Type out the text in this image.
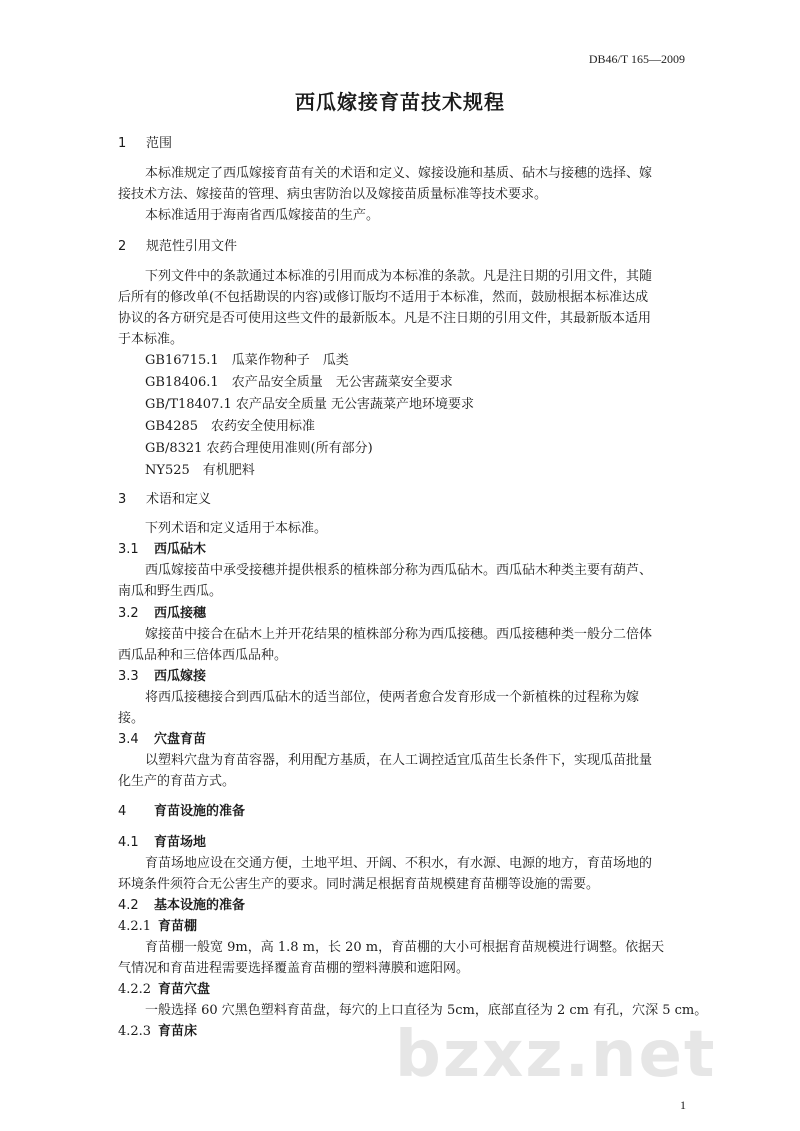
DB46/T 165—2009
西瓜嫁接育苗技术规程
1 范围
本标准规定了西瓜嫁接育苗有关的术语和定义、嫁接设施和基质、砧木与接穗的选择、嫁
接技术方法、嫁接苗的管理、病虫害防治以及嫁接苗质量标准等技术要求。
本标准适用于海南省西瓜嫁接苗的生产。
2 规范性引用文件
下列文件中的条款通过本标准的引用而成为本标准的条款。凡是注日期的引用文件，其随
后所有的修改单(不包括勘误的内容)或修订版均不适用于本标准，然而，鼓励根据本标准达成
协议的各方研究是否可使用这些文件的最新版本。凡是不注日期的引用文件，其最新版本适用
于本标准。
GB16715.1　瓜菜作物种子　瓜类
GB18406.1　农产品安全质量　无公害蔬菜安全要求
GB/T18407.1 农产品安全质量 无公害蔬菜产地环境要求
GB4285　农药安全使用标准
GB/8321 农药合理使用准则(所有部分)
NY525　有机肥料
3 术语和定义
下列术语和定义适用于本标准。
3.1 西瓜砧木
西瓜嫁接苗中承受接穗并提供根系的植株部分称为西瓜砧木。西瓜砧木种类主要有葫芦、
南瓜和野生西瓜。
3.2 西瓜接穗
嫁接苗中接合在砧木上并开花结果的植株部分称为西瓜接穗。西瓜接穗种类一般分二倍体
西瓜品种和三倍体西瓜品种。
3.3 西瓜嫁接
将西瓜接穗接合到西瓜砧木的适当部位，使两者愈合发育形成一个新植株的过程称为嫁
接。
3.4 穴盘育苗
以塑料穴盘为育苗容器，利用配方基质，在人工调控适宜瓜苗生长条件下，实现瓜苗批量
化生产的育苗方式。
4 育苗设施的准备
4.1 育苗场地
育苗场地应设在交通方便，土地平坦、开阔、不积水，有水源、电源的地方，育苗场地的
环境条件须符合无公害生产的要求。同时满足根据育苗规模建育苗棚等设施的需要。
4.2 基本设施的准备
4.2.1 育苗棚
育苗棚一般宽 9m，高 1.8 m，长 20 m，育苗棚的大小可根据育苗规模进行调整。依据天
气情况和育苗进程需要选择覆盖育苗棚的塑料薄膜和遮阳网。
4.2.2 育苗穴盘
一般选择 60 穴黑色塑料育苗盘，每穴的上口直径为 5cm，底部直径为 2 cm 有孔，穴深 5 cm。
4.2.3 育苗床	bzxz.net
1
